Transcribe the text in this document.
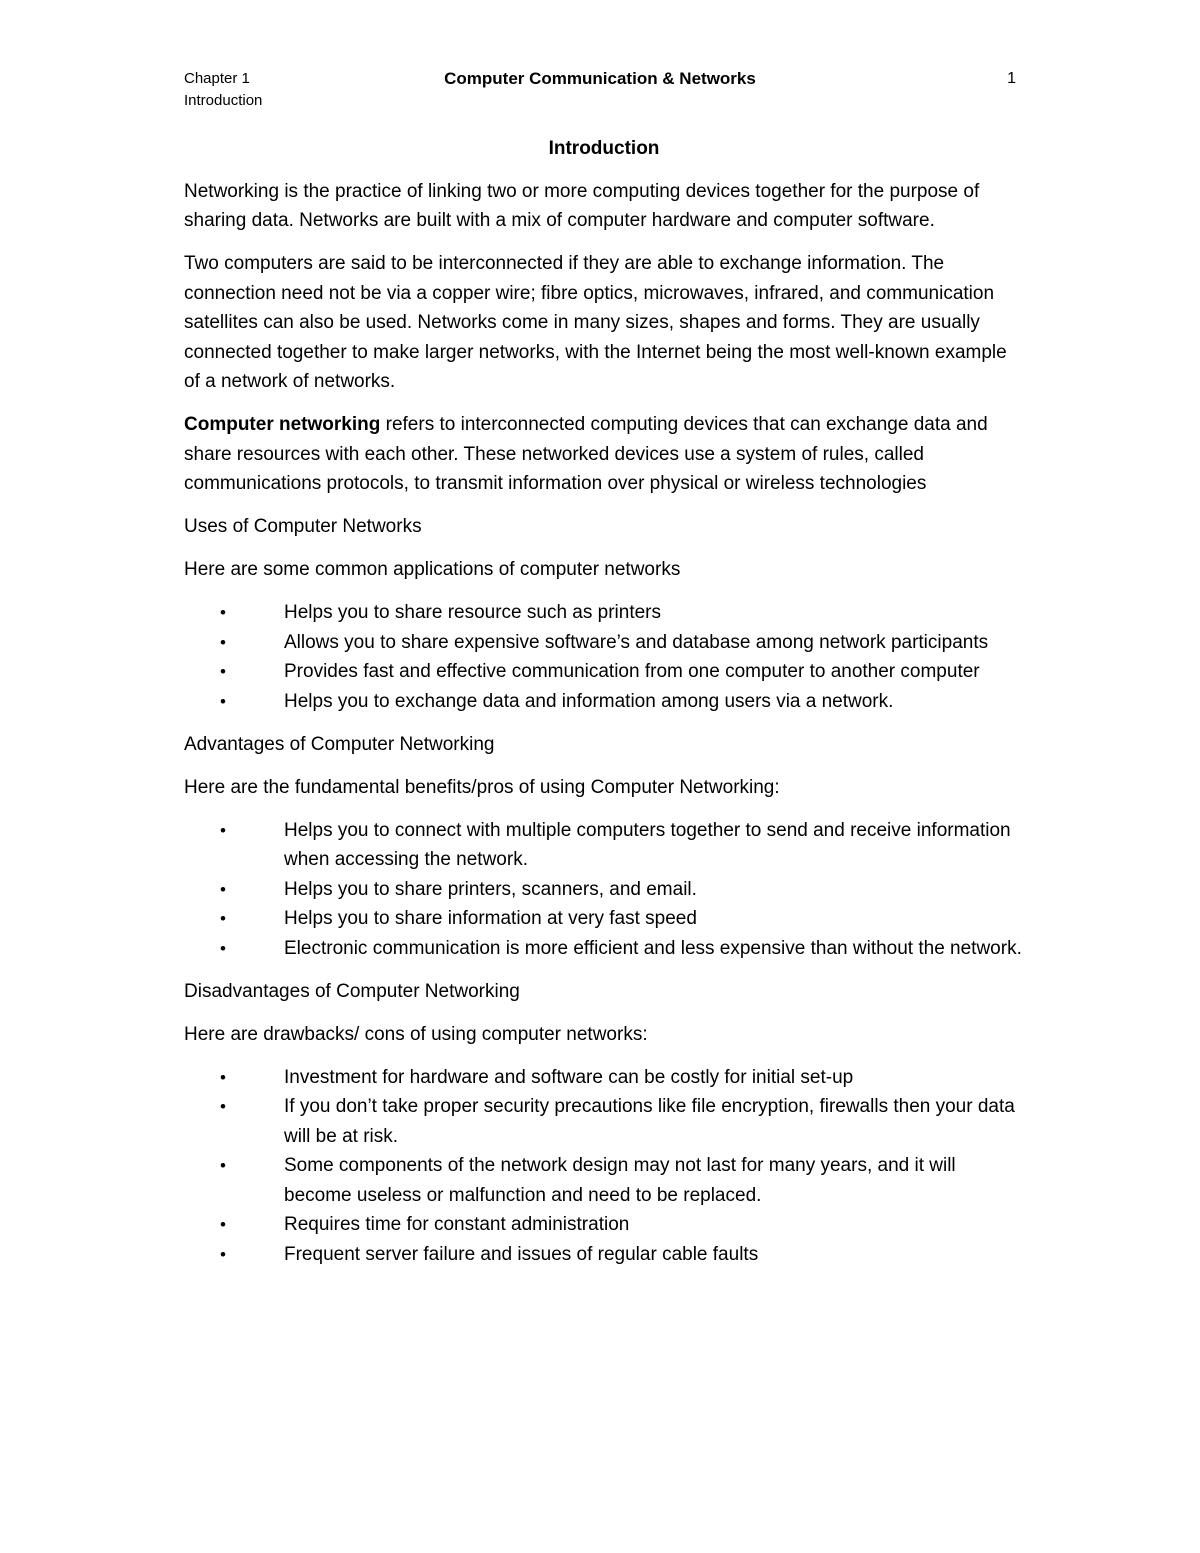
Chapter 1
Introduction
Computer Communication & Networks	1
Introduction

Networking is the practice of linking two or more computing devices together for the purpose of sharing data. Networks are built with a mix of computer hardware and computer software.

Two computers are said to be interconnected if they are able to exchange information. The connection need not be via a copper wire; fibre optics, microwaves, infrared, and communication satellites can also be used. Networks come in many sizes, shapes and forms. They are usually connected together to make larger networks, with the Internet being the most well-known example of a network of networks.

Computer networking refers to interconnected computing devices that can exchange data and share resources with each other. These networked devices use a system of rules, called communications protocols, to transmit information over physical or wireless technologies

Uses of Computer Networks

Here are some common applications of computer networks

•	Helps you to share resource such as printers
•	Allows you to share expensive software’s and database among network participants
•	Provides fast and effective communication from one computer to another computer
•	Helps you to exchange data and information among users via a network.

Advantages of Computer Networking

Here are the fundamental benefits/pros of using Computer Networking:

•	Helps you to connect with multiple computers together to send and receive information when accessing the network.
•	Helps you to share printers, scanners, and email.
•	Helps you to share information at very fast speed
•	Electronic communication is more efficient and less expensive than without the network.

Disadvantages of Computer Networking

Here are drawbacks/ cons of using computer networks:

•	Investment for hardware and software can be costly for initial set-up
•	If you don’t take proper security precautions like file encryption, firewalls then your data will be at risk.
•	Some components of the network design may not last for many years, and it will become useless or malfunction and need to be replaced.
•	Requires time for constant administration
•	Frequent server failure and issues of regular cable faults
